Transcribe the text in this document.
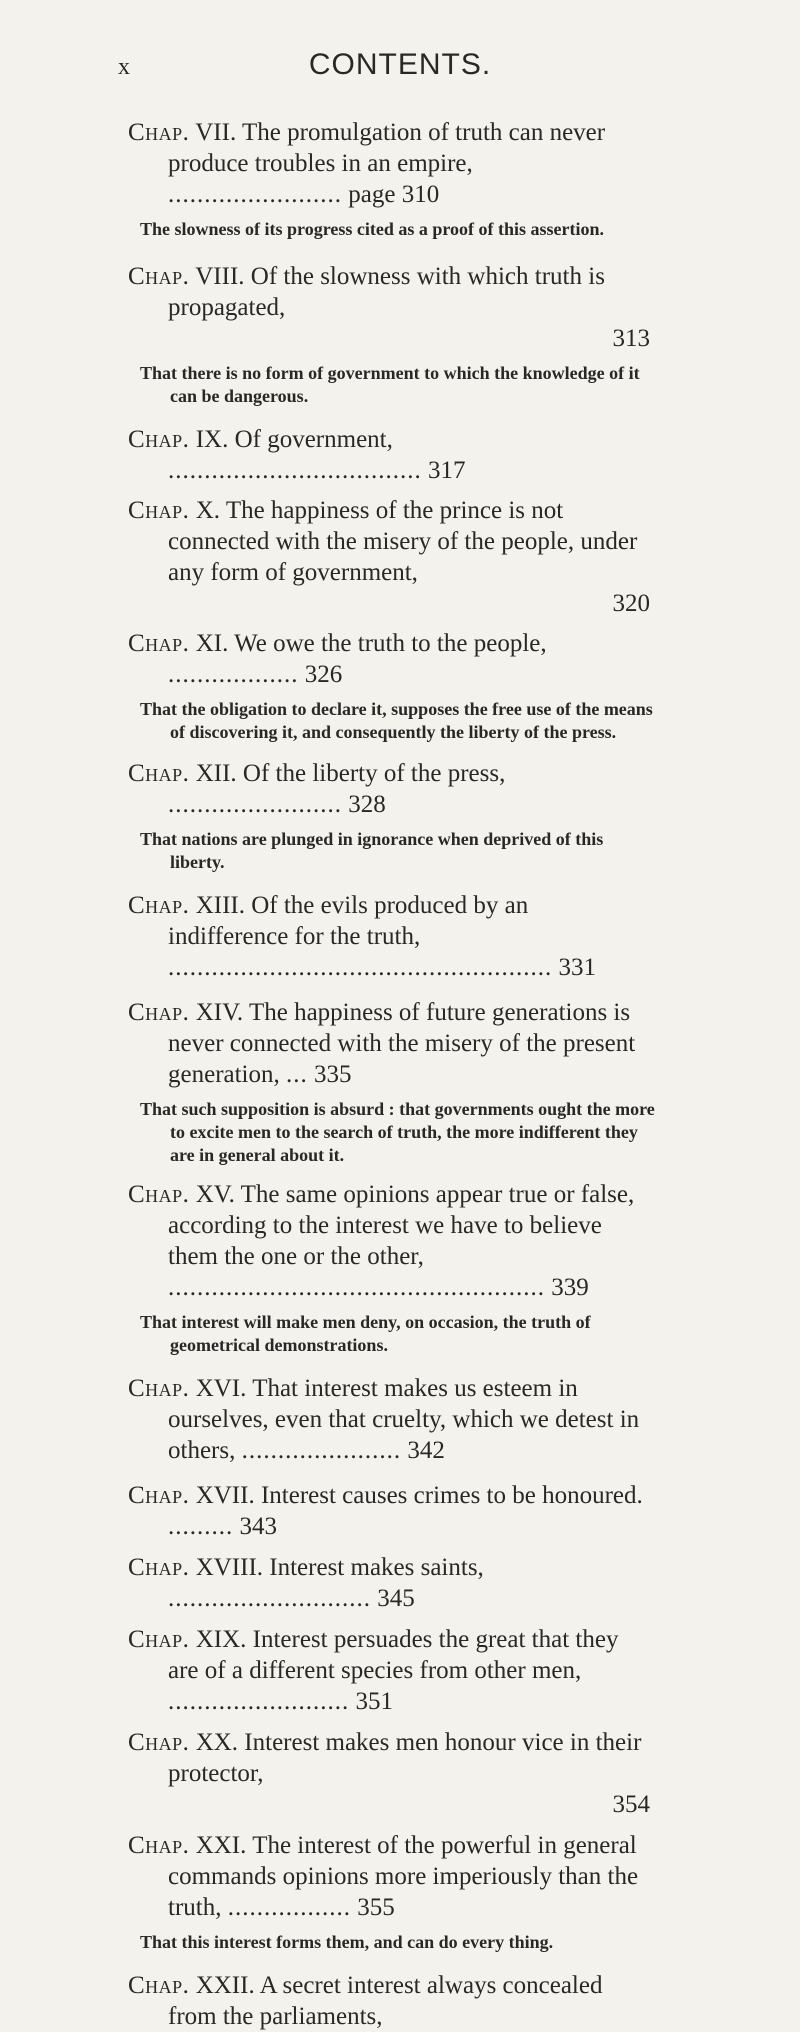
x	CONTENTS.

Chap. VII. The promulgation of truth can never produce troubles in an empire, ........................ page 310

The slowness of its progress cited as a proof of this assertion.

Chap. VIII. Of the slowness with which truth is propagated,
313

That there is no form of government to which the knowledge of it can be dangerous.

Chap. IX. Of government, ................................... 317

Chap. X. The happiness of the prince is not connected with the misery of the people, under any form of government,
320

Chap. XI. We owe the truth to the people, .................. 326

That the obligation to declare it, supposes the free use of the means of discovering it, and consequently the liberty of the press.

Chap. XII. Of the liberty of the press, ........................ 328

That nations are plunged in ignorance when deprived of this liberty.

Chap. XIII. Of the evils produced by an indifference for the truth, ..................................................... 331

Chap. XIV. The happiness of future generations is never connected with the misery of the present generation, ... 335

That such supposition is absurd : that governments ought the more to excite men to the search of truth, the more indifferent they are in general about it.

Chap. XV. The same opinions appear true or false, according to the interest we have to believe them the one or the other, .................................................... 339

That interest will make men deny, on occasion, the truth of geometrical demonstrations.

Chap. XVI. That interest makes us esteem in ourselves, even that cruelty, which we detest in others, ...................... 342

Chap. XVII. Interest causes crimes to be honoured. ......... 343

Chap. XVIII. Interest makes saints, ............................ 345

Chap. XIX. Interest persuades the great that they are of a different species from other men, ......................... 351

Chap. XX. Interest makes men honour vice in their protector,
354

Chap. XXI. The interest of the powerful in general commands opinions more imperiously than the truth, ................. 355

That this interest forms them, and can do every thing.

Chap. XXII. A secret interest always concealed from the parliaments,
